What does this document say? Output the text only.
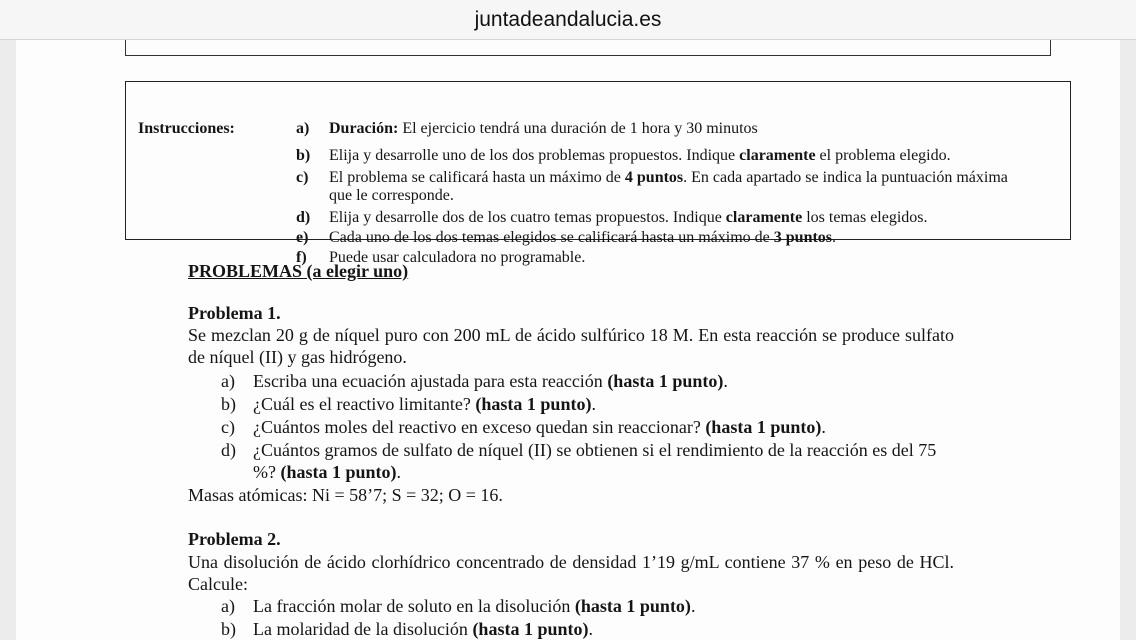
juntadeandalucia.es
Instrucciones:	a) Duración: El ejercicio tendrá una duración de 1 hora y 30 minutos
b) Elija y desarrolle uno de los dos problemas propuestos. Indique claramente el problema elegido.
c) El problema se calificará hasta un máximo de 4 puntos. En cada apartado se indica la puntuación máxima que le corresponde.
d) Elija y desarrolle dos de los cuatro temas propuestos. Indique claramente los temas elegidos.
e) Cada uno de los dos temas elegidos se calificará hasta un máximo de 3 puntos.
f) Puede usar calculadora no programable.
PROBLEMAS (a elegir uno)
Problema 1.
Se mezclan 20 g de níquel puro con 200 mL de ácido sulfúrico 18 M. En esta reacción se produce sulfato de níquel (II) y gas hidrógeno.
a) Escriba una ecuación ajustada para esta reacción (hasta 1 punto).
b) ¿Cuál es el reactivo limitante? (hasta 1 punto).
c) ¿Cuántos moles del reactivo en exceso quedan sin reaccionar? (hasta 1 punto).
d) ¿Cuántos gramos de sulfato de níquel (II) se obtienen si el rendimiento de la reacción es del 75 %? (hasta 1 punto).
Masas atómicas: Ni = 58’7; S = 32; O = 16.
Problema 2.
Una disolución de ácido clorhídrico concentrado de densidad 1’19 g/mL contiene 37 % en peso de HCl. Calcule:
a) La fracción molar de soluto en la disolución (hasta 1 punto).
b) La molaridad de la disolución (hasta 1 punto).
